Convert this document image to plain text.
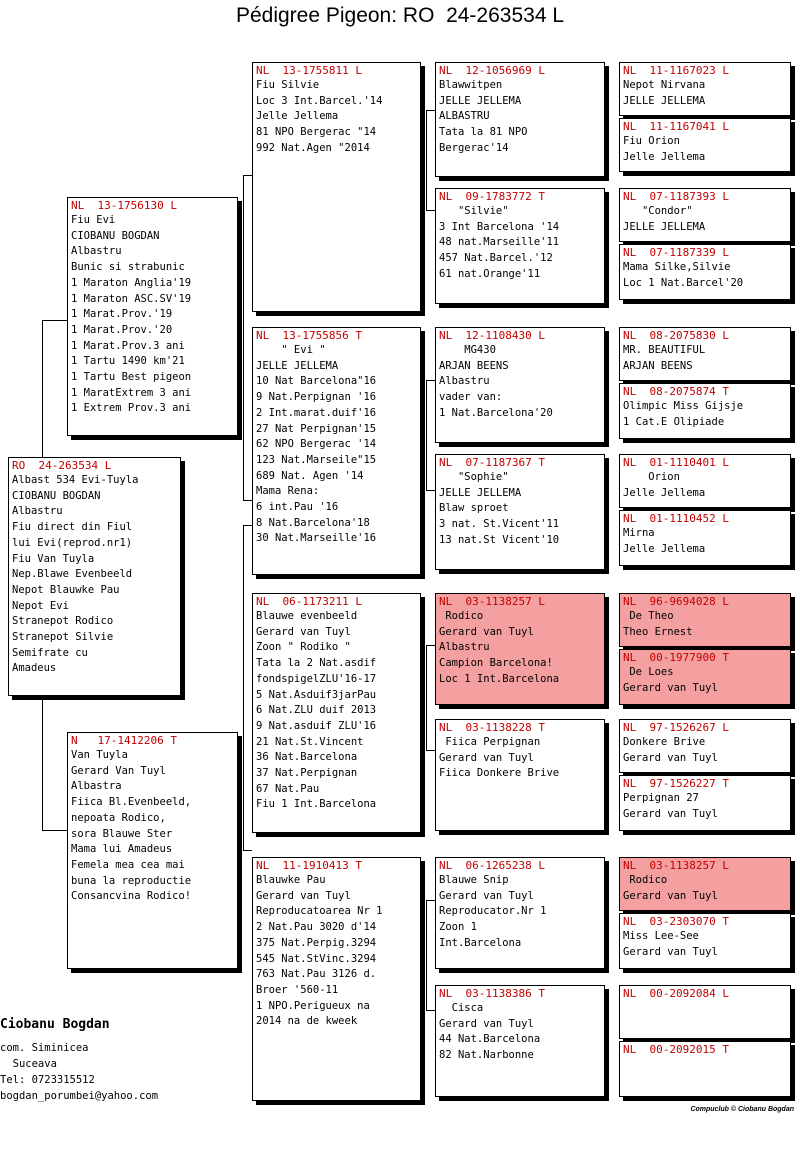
Pédigree Pigeon: RO  24-263534 L
RO  24-263534 L
Albast 534 Evi-Tuyla
CIOBANU BOGDAN
Albastru
Fiu direct din Fiul
lui Evi(reprod.nr1)
Fiu Van Tuyla
Nep.Blawe Evenbeeld
Nepot Blauwke Pau
Nepot Evi
Stranepot Rodico
Stranepot Silvie
Semifrate cu
Amadeus
NL  13-1756130 L
Fiu Evi
CIOBANU BOGDAN
Albastru
Bunic si strabunic
1 Maraton Anglia'19
1 Maraton ASC.SV'19
1 Marat.Prov.'19
1 Marat.Prov.'20
1 Marat.Prov.3 ani
1 Tartu 1490 km'21
1 Tartu Best pigeon
1 MaratExtrem 3 ani
1 Extrem Prov.3 ani
N   17-1412206 T
Van Tuyla
Gerard Van Tuyl
Albastra
Fiica Bl.Evenbeeld,
nepoata Rodico,
sora Blauwe Ster
Mama lui Amadeus
Femela mea cea mai
buna la reproductie
Consancvina Rodico!
NL  13-1755811 L
Fiu Silvie
Loc 3 Int.Barcel.'14
Jelle Jellema
81 NPO Bergerac "14
992 Nat.Agen "2014
NL  13-1755856 T
" Evi "
JELLE JELLEMA
10 Nat Barcelona"16
9 Nat.Perpignan '16
2 Int.marat.duif'16
27 Nat Perpignan'15
62 NPO Bergerac '14
123 Nat.Marseile"15
689 Nat. Agen '14
Mama Rena:
6 int.Pau '16
8 Nat.Barcelona'18
30 Nat.Marseille'16
NL  06-1173211 L
Blauwe evenbeeld
Gerard van Tuyl
Zoon " Rodiko "
Tata la 2 Nat.asdif
fondspigelZLU'16-17
5 Nat.Asduif3jarPau
6 Nat.ZLU duif 2013
9 Nat.asduif ZLU'16
21 Nat.St.Vincent
36 Nat.Barcelona
37 Nat.Perpignan
67 Nat.Pau
Fiu 1 Int.Barcelona
NL  11-1910413 T
Blauwke Pau
Gerard van Tuyl
Reproducatoarea Nr 1
2 Nat.Pau 3020 d'14
375 Nat.Perpig.3294
545 Nat.StVinc.3294
763 Nat.Pau 3126 d.
Broer '560-11
1 NPO.Perigueux na
2014 na de kweek
NL  12-1056969 L
Blawwitpen
JELLE JELLEMA
ALBASTRU
Tata la 81 NPO
Bergerac'14
NL  09-1783772 T
"Silvie"
3 Int Barcelona '14
48 nat.Marseille'11
457 Nat.Barcel.'12
61 nat.Orange'11
NL  12-1108430 L
MG430
ARJAN BEENS
Albastru
vader van:
1 Nat.Barcelona'20
NL  07-1187367 T
"Sophie"
JELLE JELLEMA
Blaw sproet
3 nat. St.Vicent'11
13 nat.St Vicent'10
NL  03-1138257 L
Rodico
Gerard van Tuyl
Albastru
Campion Barcelona!
Loc 1 Int.Barcelona
NL  03-1138228 T
Fiica Perpignan
Gerard van Tuyl
Fiica Donkere Brive
NL  06-1265238 L
Blauwe Snip
Gerard van Tuyl
Reproducator.Nr 1
Zoon 1
Int.Barcelona
NL  03-1138386 T
Cisca
Gerard van Tuyl
44 Nat.Barcelona
82 Nat.Narbonne
NL  11-1167023 L
Nepot Nirvana
JELLE JELLEMA
NL  11-1167041 L
Fiu Orion
Jelle Jellema
NL  07-1187393 L
"Condor"
JELLE JELLEMA
NL  07-1187339 L
Mama Silke,Silvie
Loc 1 Nat.Barcel'20
NL  08-2075830 L
MR. BEAUTIFUL
ARJAN BEENS
NL  08-2075874 T
Olimpic Miss Gijsje
1 Cat.E Olipiade
NL  01-1110401 L
Orion
Jelle Jellema
NL  01-1110452 L
Mirna
Jelle Jellema
NL  96-9694028 L
De Theo
Theo Ernest
NL  00-1977900 T
De Loes
Gerard van Tuyl
NL  97-1526267 L
Donkere Brive
Gerard van Tuyl
NL  97-1526227 T
Perpignan 27
Gerard van Tuyl
NL  03-1138257 L
Rodico
Gerard van Tuyl
NL  03-2303070 T
Miss Lee-See
Gerard van Tuyl
NL  00-2092084 L
NL  00-2092015 T
Ciobanu Bogdan
com. Siminicea
Suceava
Tel: 0723315512
bogdan_porumbei@yahoo.com
Compuclub © Ciobanu Bogdan
